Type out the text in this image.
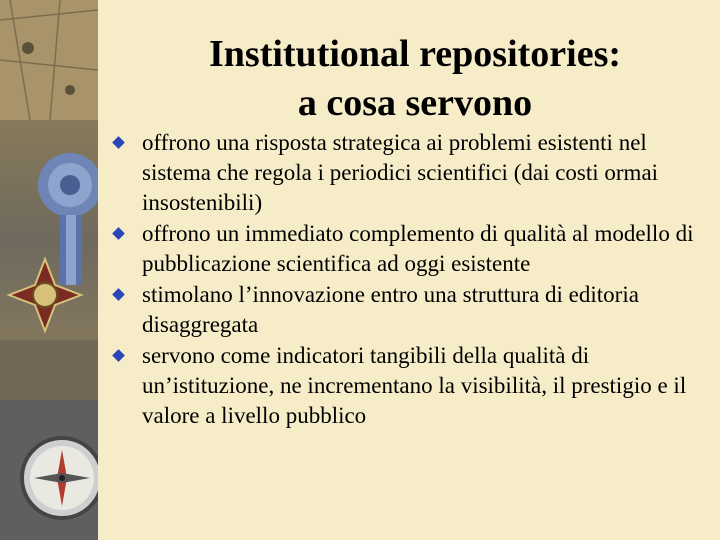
Institutional repositories:
a cosa servono
offrono una risposta strategica ai problemi esistenti nel sistema che regola i periodici scientifici (dai costi ormai insostenibili)
offrono un immediato complemento di qualità al modello di pubblicazione scientifica ad oggi esistente
stimolano l’innovazione entro una struttura di editoria disaggregata
servono come indicatori tangibili della qualità di un’istituzione, ne incrementano la visibilità, il prestigio e il valore a livello pubblico
